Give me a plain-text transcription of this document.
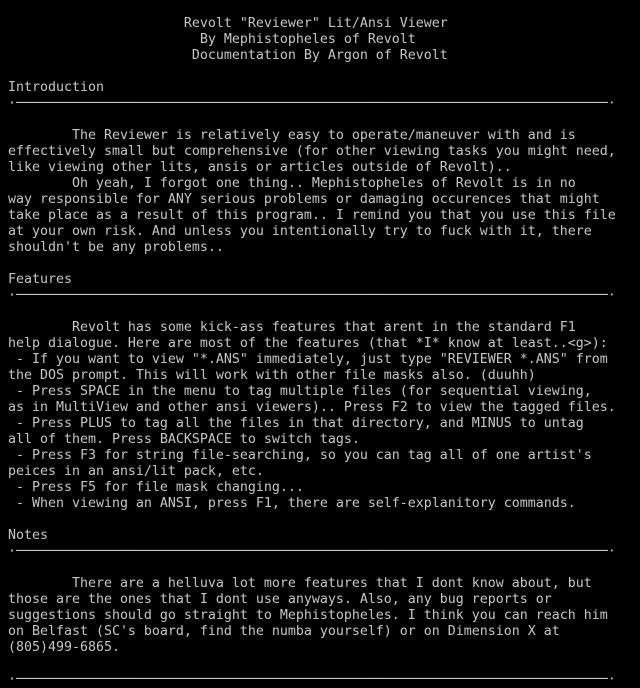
Revolt "Reviewer" Lit/Ansi Viewer
By Mephistopheles of Revolt
Documentation By Argon of Revolt
Introduction
·──────────────────────────────────────────────────────────────────────────·
The Reviewer is relatively easy to operate/maneuver with and is
effectively small but comprehensive (for other viewing tasks you might need,
like viewing other lits, ansis or articles outside of Revolt)..
Oh yeah, I forgot one thing.. Mephistopheles of Revolt is in no
way responsible for ANY serious problems or damaging occurences that might
take place as a result of this program.. I remind you that you use this file
at your own risk. And unless you intentionally try to fuck with it, there
shouldn't be any problems..
Features
·──────────────────────────────────────────────────────────────────────────·
Revolt has some kick-ass features that arent in the standard F1
help dialogue. Here are most of the features (that *I* know at least..<g>):
- If you want to view "*.ANS" immediately, just type "REVIEWER *.ANS" from
the DOS prompt. This will work with other file masks also. (duuhh)
- Press SPACE in the menu to tag multiple files (for sequential viewing,
as in MultiView and other ansi viewers).. Press F2 to view the tagged files.
- Press PLUS to tag all the files in that directory, and MINUS to untag
all of them. Press BACKSPACE to switch tags.
- Press F3 for string file-searching, so you can tag all of one artist's
peices in an ansi/lit pack, etc.
- Press F5 for file mask changing...
- When viewing an ANSI, press F1, there are self-explanitory commands.
Notes
·──────────────────────────────────────────────────────────────────────────·
There are a helluva lot more features that I dont know about, but
those are the ones that I dont use anyways. Also, any bug reports or
suggestions should go straight to Mephistopheles. I think you can reach him
on Belfast (SC's board, find the numba yourself) or on Dimension X at
(805)499-6865.
·──────────────────────────────────────────────────────────────────────────·
